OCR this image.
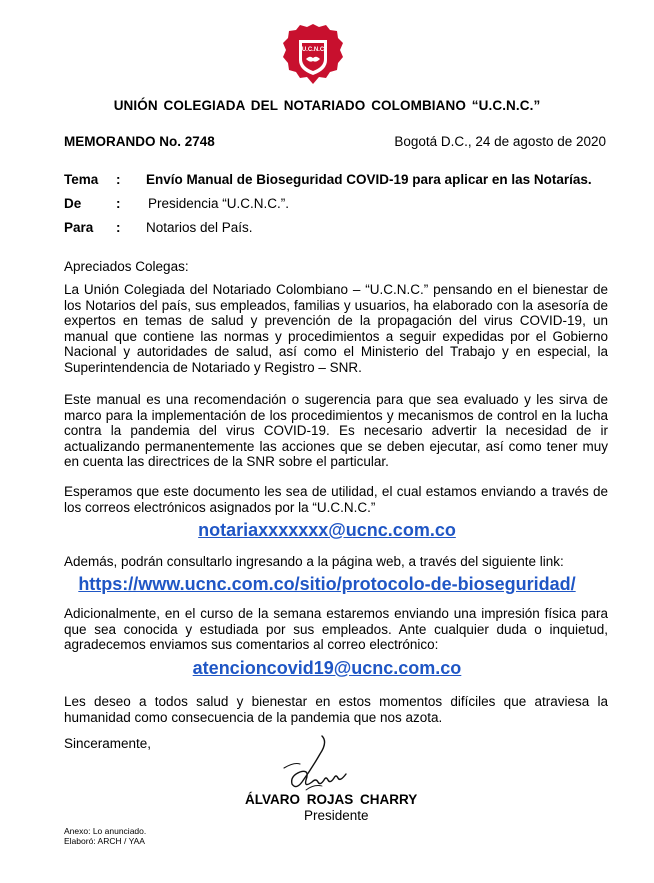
U.C.N.C
UNIÓN COLEGIADA DEL NOTARIADO COLOMBIANO “U.C.N.C.”
MEMORANDO No. 2748	Bogotá D.C., 24 de agosto de 2020
Tema	: Envío Manual de Bioseguridad COVID-19 para aplicar en las Notarías.
De	: Presidencia “U.C.N.C.”.
Para	: Notarios del País.
Apreciados Colegas:

La Unión Colegiada del Notariado Colombiano – “U.C.N.C.” pensando en el bienestar de los Notarios del país, sus empleados, familias y usuarios, ha elaborado con la asesoría de expertos en temas de salud y prevención de la propagación del virus COVID-19, un manual que contiene las normas y procedimientos a seguir expedidas por el Gobierno Nacional y autoridades de salud, así como el Ministerio del Trabajo y en especial, la Superintendencia de Notariado y Registro – SNR.

Este manual es una recomendación o sugerencia para que sea evaluado y les sirva de marco para la implementación de los procedimientos y mecanismos de control en la lucha contra la pandemia del virus COVID-19. Es necesario advertir la necesidad de ir actualizando permanentemente las acciones que se deben ejecutar, así como tener muy en cuenta las directrices de la SNR sobre el particular.

Esperamos que este documento les sea de utilidad, el cual estamos enviando a través de los correos electrónicos asignados por la “U.C.N.C.”

notariaxxxxxxx@ucnc.com.co

Además, podrán consultarlo ingresando a la página web, a través del siguiente link:

https://www.ucnc.com.co/sitio/protocolo-de-bioseguridad/

Adicionalmente, en el curso de la semana estaremos enviando una impresión física para que sea conocida y estudiada por sus empleados. Ante cualquier duda o inquietud, agradecemos enviamos sus comentarios al correo electrónico:

atencioncovid19@ucnc.com.co

Les deseo a todos salud y bienestar en estos momentos difíciles que atraviesa la humanidad como consecuencia de la pandemia que nos azota.

Sinceramente,
ÁLVARO ROJAS CHARRY
Presidente
Anexo: Lo anunciado.
Elaboró: ARCH / YAA
